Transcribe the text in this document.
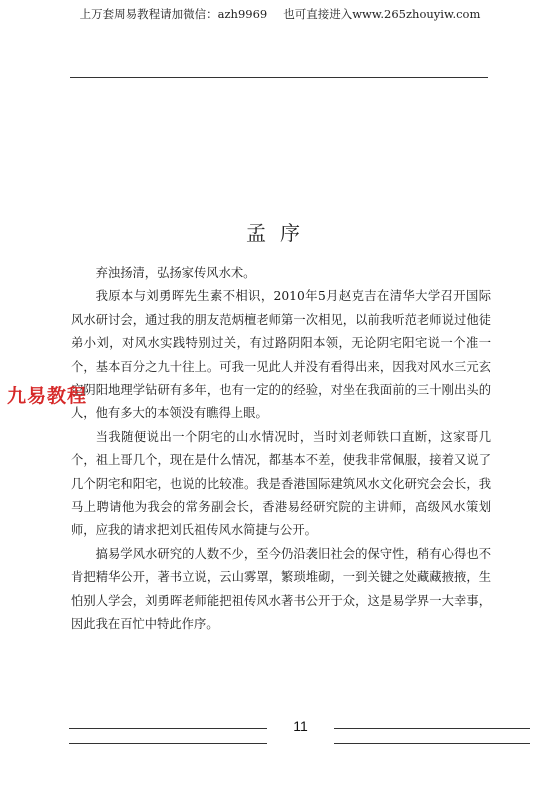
上万套周易教程请加微信：azh9969 也可直接进入www.265zhouyiw.com
孟序

弃浊扬清，弘扬家传风水术。

我原本与刘勇晖先生素不相识，2010年5月赵克吉在清华大学召开国际风水研讨会，通过我的朋友范炳檀老师第一次相见，以前我听范老师说过他徒弟小刘，对风水实践特别过关，有过路阴阳本领，无论阴宅阳宅说一个准一个，基本百分之九十往上。可我一见此人并没有看得出来，因我对风水三元玄空阴阳地理学钻研有多年，也有一定的的经验，对坐在我面前的三十刚出头的人，他有多大的本领没有瞧得上眼。

当我随便说出一个阴宅的山水情况时，当时刘老师铁口直断，这家哥几个，祖上哥几个，现在是什么情况，都基本不差，使我非常佩服，接着又说了几个阴宅和阳宅，也说的比较准。我是香港国际建筑风水文化研究会会长，我马上聘请他为我会的常务副会长，香港易经研究院的主讲师，高级风水策划师，应我的请求把刘氏祖传风水简捷与公开。

搞易学风水研究的人数不少，至今仍沿袭旧社会的保守性，稍有心得也不肯把精华公开，著书立说，云山雾罩，繁琐堆砌，一到关键之处藏藏掖掖，生怕别人学会，刘勇晖老师能把祖传风水著书公开于众，这是易学界一大幸事，因此我在百忙中特此作序。

九易教程
11
